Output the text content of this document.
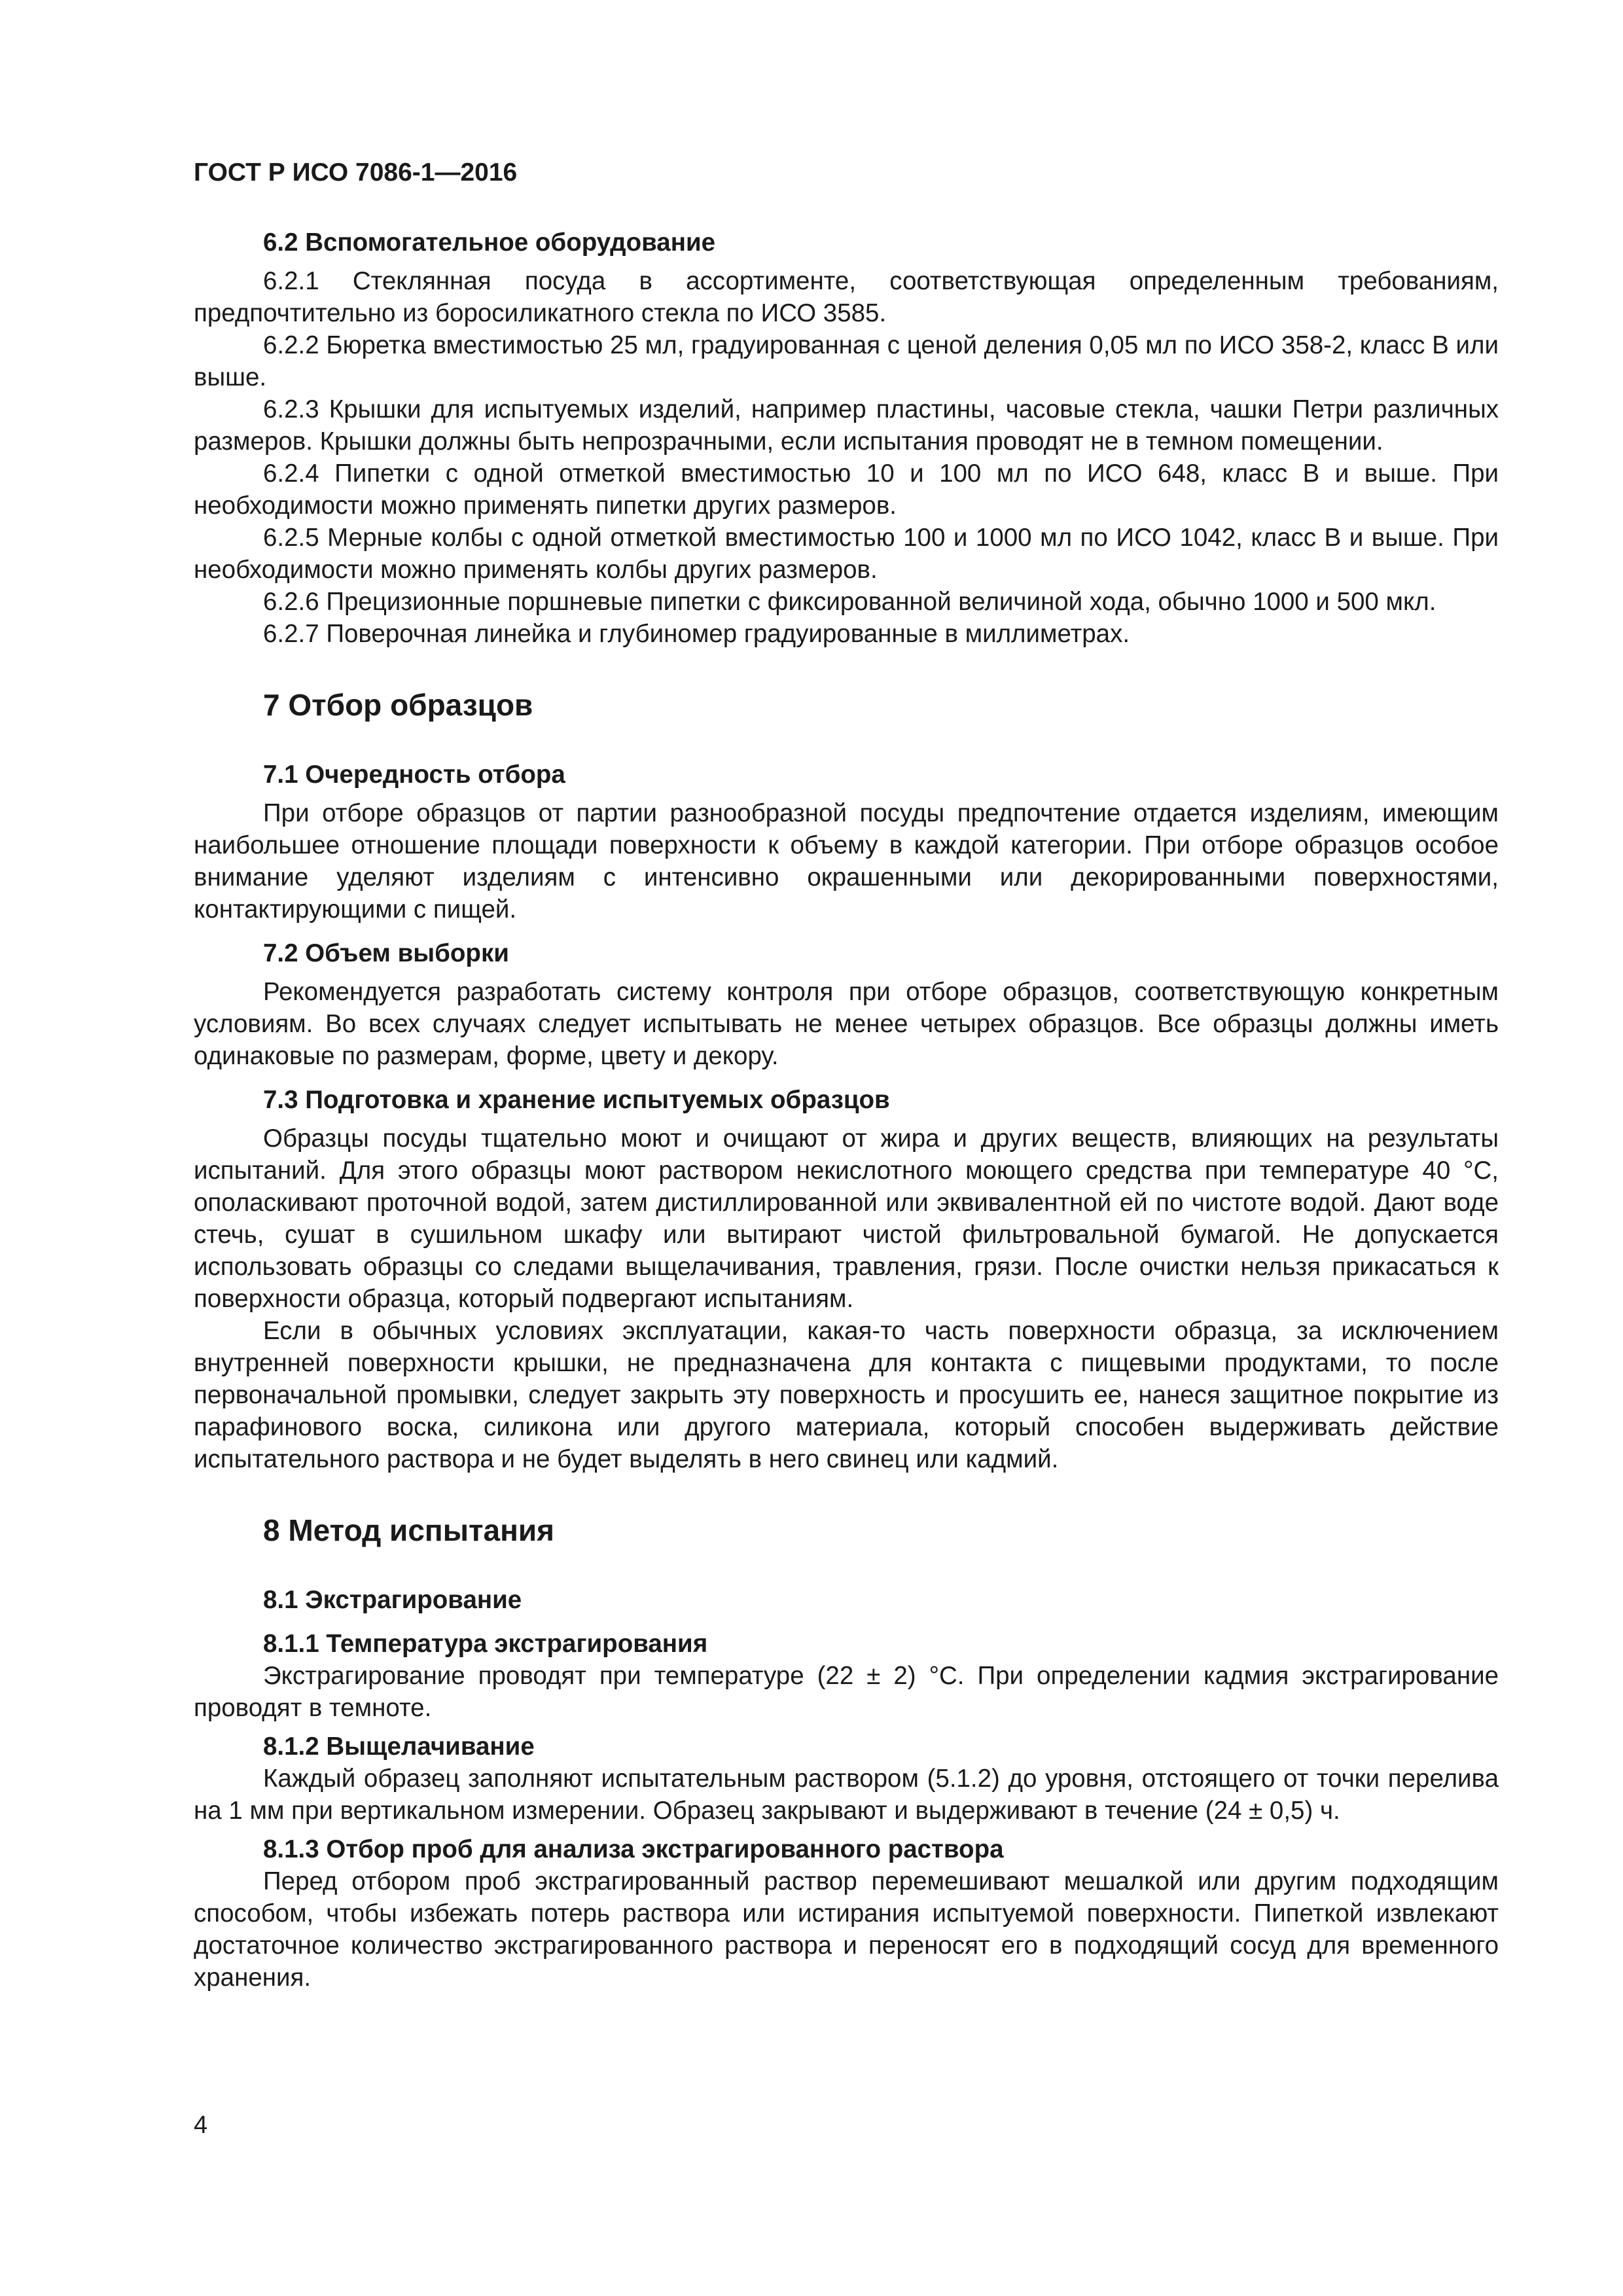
ГОСТ Р ИСО 7086-1—2016
6.2 Вспомогательное оборудование

6.2.1 Стеклянная посуда в ассортименте, соответствующая определенным требованиям, предпочтительно из боросиликатного стекла по ИСО 3585.

6.2.2 Бюретка вместимостью 25 мл, градуированная с ценой деления 0,05 мл по ИСО 358-2, класс В или выше.

6.2.3 Крышки для испытуемых изделий, например пластины, часовые стекла, чашки Петри различных размеров. Крышки должны быть непрозрачными, если испытания проводят не в темном помещении.

6.2.4 Пипетки с одной отметкой вместимостью 10 и 100 мл по ИСО 648, класс В и выше. При необходимости можно применять пипетки других размеров.

6.2.5 Мерные колбы с одной отметкой вместимостью 100 и 1000 мл по ИСО 1042, класс В и выше. При необходимости можно применять колбы других размеров.

6.2.6 Прецизионные поршневые пипетки с фиксированной величиной хода, обычно 1000 и 500 мкл.

6.2.7 Поверочная линейка и глубиномер градуированные в миллиметрах.

7 Отбор образцов
7.1 Очередность отбора

При отборе образцов от партии разнообразной посуды предпочтение отдается изделиям, имеющим наибольшее отношение площади поверхности к объему в каждой категории. При отборе образцов особое внимание уделяют изделиям с интенсивно окрашенными или декорированными поверхностями, контактирующими с пищей.

7.2 Объем выборки

Рекомендуется разработать систему контроля при отборе образцов, соответствующую конкретным условиям. Во всех случаях следует испытывать не менее четырех образцов. Все образцы должны иметь одинаковые по размерам, форме, цвету и декору.

7.3 Подготовка и хранение испытуемых образцов

Образцы посуды тщательно моют и очищают от жира и других веществ, влияющих на результаты испытаний. Для этого образцы моют раствором некислотного моющего средства при температуре 40 °С, ополаскивают проточной водой, затем дистиллированной или эквивалентной ей по чистоте водой. Дают воде стечь, сушат в сушильном шкафу или вытирают чистой фильтровальной бумагой. Не допускается использовать образцы со следами выщелачивания, травления, грязи. После очистки нельзя прикасаться к поверхности образца, который подвергают испытаниям.

Если в обычных условиях эксплуатации, какая-то часть поверхности образца, за исключением внутренней поверхности крышки, не предназначена для контакта с пищевыми продуктами, то после первоначальной промывки, следует закрыть эту поверхность и просушить ее, нанеся защитное покрытие из парафинового воска, силикона или другого материала, который способен выдерживать действие испытательного раствора и не будет выделять в него свинец или кадмий.

8 Метод испытания
8.1 Экстрагирование
8.1.1 Температура экстрагирования

Экстрагирование проводят при температуре (22 ± 2) °С. При определении кадмия экстрагирование проводят в темноте.

8.1.2 Выщелачивание

Каждый образец заполняют испытательным раствором (5.1.2) до уровня, отстоящего от точки перелива на 1 мм при вертикальном измерении. Образец закрывают и выдерживают в течение (24 ± 0,5) ч.

8.1.3 Отбор проб для анализа экстрагированного раствора

Перед отбором проб экстрагированный раствор перемешивают мешалкой или другим подходящим способом, чтобы избежать потерь раствора или истирания испытуемой поверхности. Пипеткой извлекают достаточное количество экстрагированного раствора и переносят его в подходящий сосуд для временного хранения.

4
